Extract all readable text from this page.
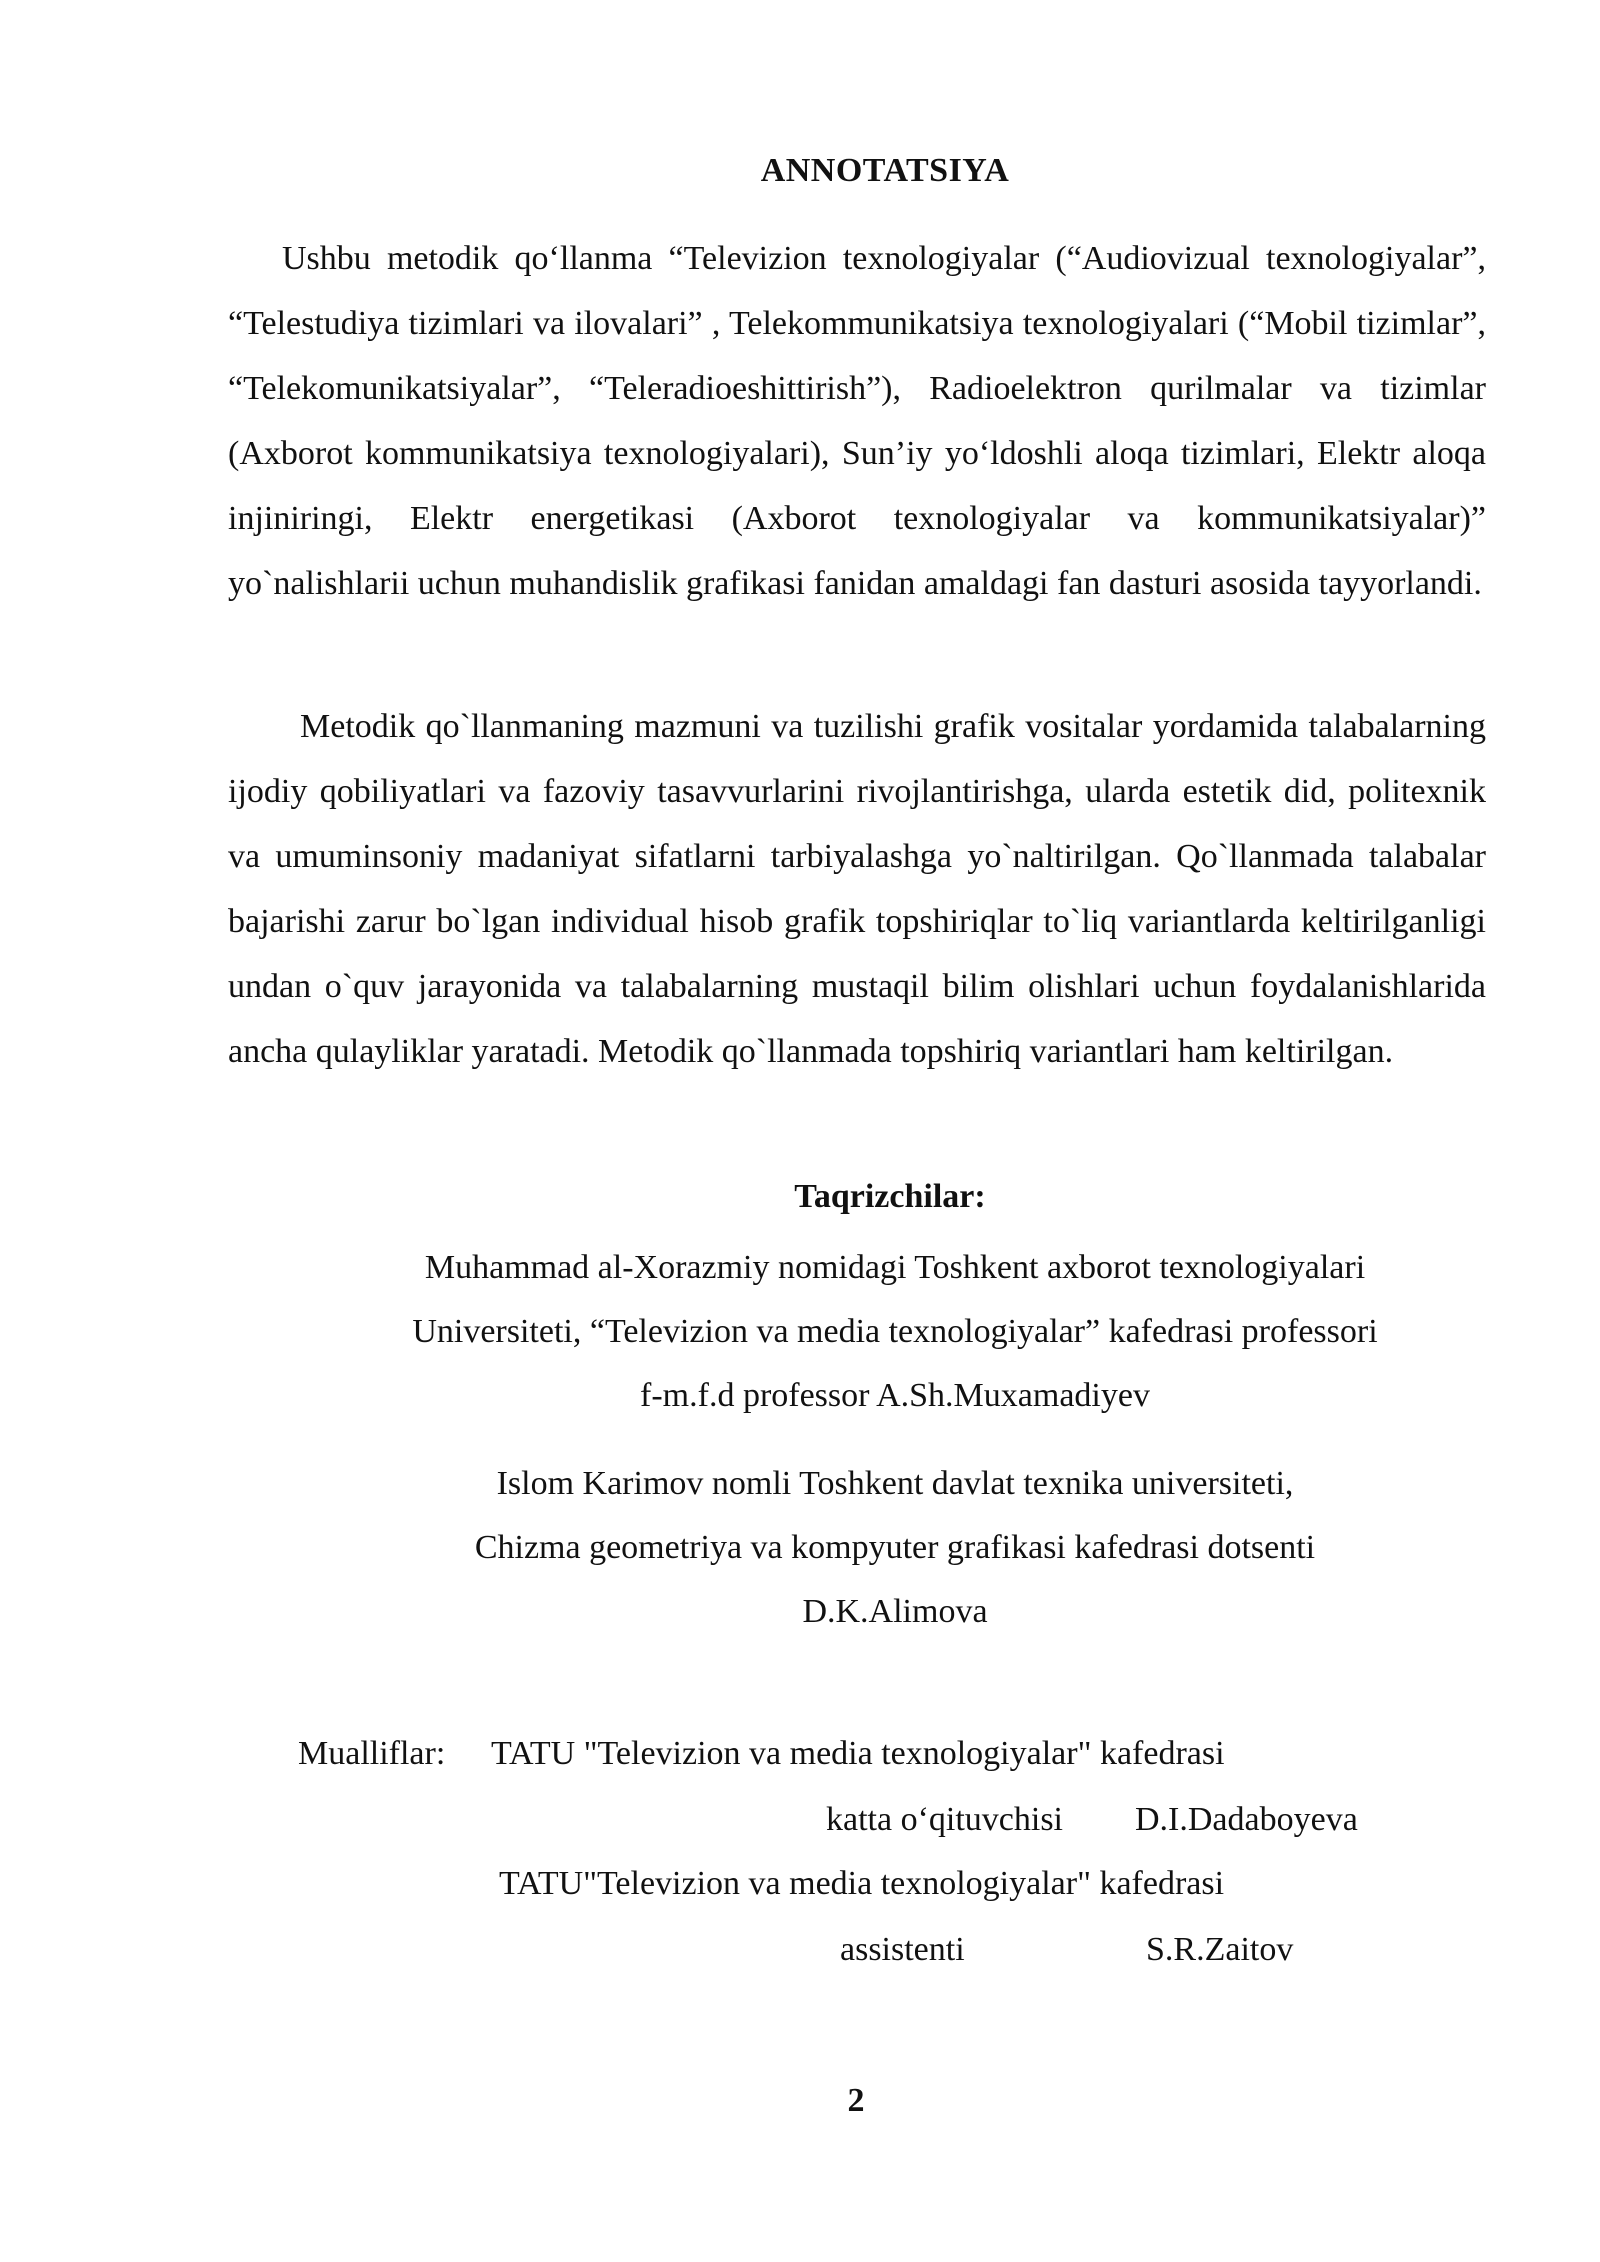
ANNOTATSIYA

Ushbu metodik qo‘llanma “Televizion texnologiyalar (“Audiovizual texnologiyalar”, “Telestudiya tizimlari va ilovalari” , Telekommunikatsiya texnologiyalari (“Mobil tizimlar”, “Telekomunikatsiyalar”, “Teleradioeshittirish”), Radioelektron qurilmalar va tizimlar (Axborot kommunikatsiya texnologiyalari), Sun’iy yo‘ldoshli aloqa tizimlari, Elektr aloqa injiniringi, Elektr energetikasi (Axborot texnologiyalar va kommunikatsiyalar)” yo`nalishlarii uchun muhandislik grafikasi fanidan amaldagi fan dasturi asosida tayyorlandi.

Metodik qo`llanmaning mazmuni va tuzilishi grafik vositalar yordamida talabalarning ijodiy qobiliyatlari va fazoviy tasavvurlarini rivojlantirishga, ularda estetik did, politexnik va umuminsoniy madaniyat sifatlarni tarbiyalashga yo`naltirilgan. Qo`llanmada talabalar bajarishi zarur bo`lgan individual hisob grafik topshiriqlar to`liq variantlarda keltirilganligi undan o`quv jarayonida va talabalarning mustaqil bilim olishlari uchun foydalanishlarida ancha qulayliklar yaratadi. Metodik qo`llanmada topshiriq variantlari ham keltirilgan.

Taqrizchilar:
Muhammad al-Xorazmiy nomidagi Toshkent axborot texnologiyalari
Universiteti, “Televizion va media texnologiyalar” kafedrasi professori
f-m.f.d professor A.Sh.Muxamadiyev
Islom Karimov nomli Toshkent davlat texnika universiteti,
Chizma geometriya va kompyuter grafikasi kafedrasi dotsenti
D.K.Alimova
Mualliflar: TATU "Televizion va media texnologiyalar" kafedrasi
katta o‘qituvchisi D.I.Dadaboyeva
TATU"Televizion va media texnologiyalar" kafedrasi
assistenti	S.R.Zaitov
2
